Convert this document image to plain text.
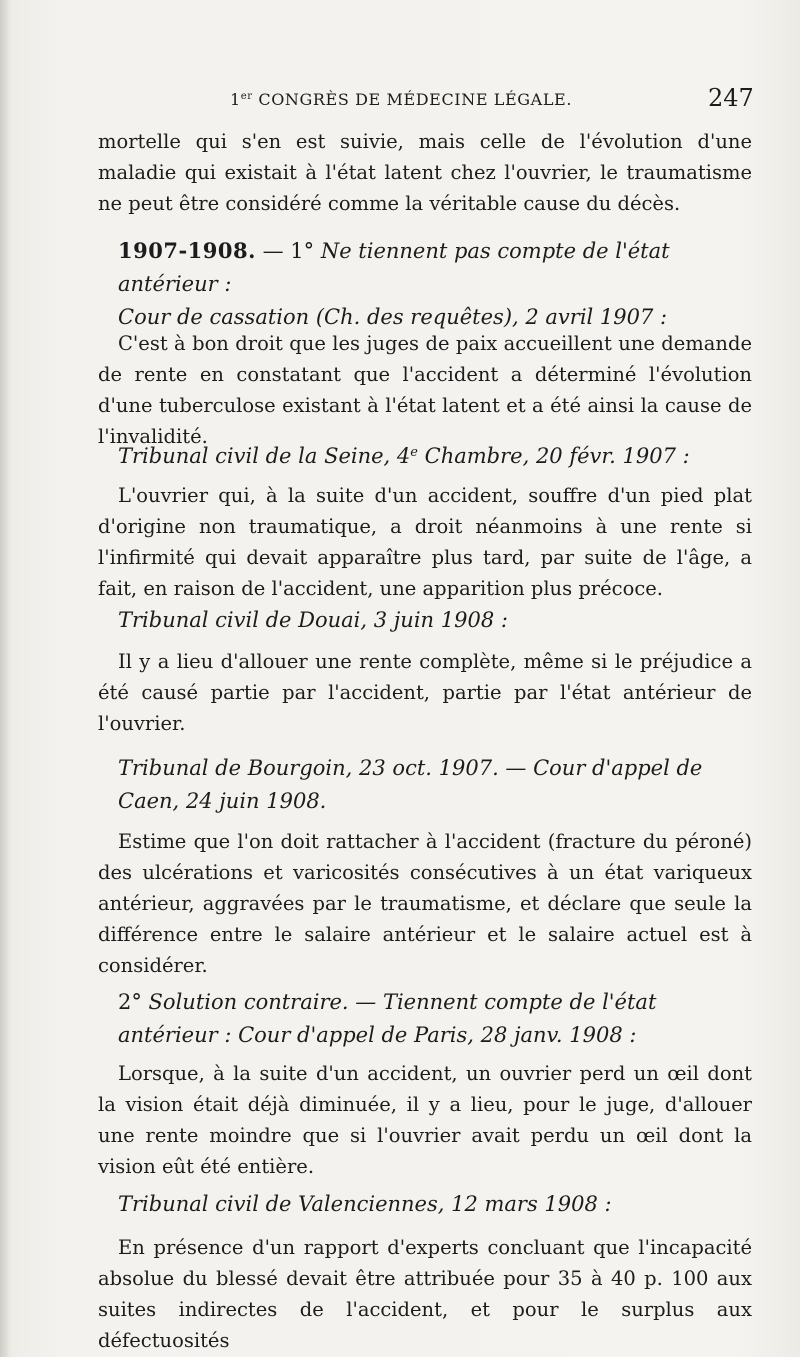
1er CONGRÈS DE MÉDECINE LÉGALE.	247
mortelle qui s'en est suivie, mais celle de l'évolution d'une maladie qui existait à l'état latent chez l'ouvrier, le traumatisme ne peut être considéré comme la véritable cause du décès.
1907-1908. — 1° Ne tiennent pas compte de l'état antérieur :
Cour de cassation (Ch. des requêtes), 2 avril 1907 :
C'est à bon droit que les juges de paix accueillent une demande de rente en constatant que l'accident a déterminé l'évolution d'une tuberculose existant à l'état latent et a été ainsi la cause de l'invalidité.
Tribunal civil de la Seine, 4e Chambre, 20 févr. 1907 :
L'ouvrier qui, à la suite d'un accident, souffre d'un pied plat d'origine non traumatique, a droit néanmoins à une rente si l'infirmité qui devait apparaître plus tard, par suite de l'âge, a fait, en raison de l'accident, une apparition plus précoce.
Tribunal civil de Douai, 3 juin 1908 :
Il y a lieu d'allouer une rente complète, même si le préjudice a été causé partie par l'accident, partie par l'état antérieur de l'ouvrier.
Tribunal de Bourgoin, 23 oct. 1907. — Cour d'appel de Caen, 24 juin 1908.
Estime que l'on doit rattacher à l'accident (fracture du péroné) des ulcérations et varicosités consécutives à un état variqueux antérieur, aggravées par le traumatisme, et déclare que seule la différence entre le salaire antérieur et le salaire actuel est à considérer.
2° Solution contraire. — Tiennent compte de l'état antérieur : Cour d'appel de Paris, 28 janv. 1908 :
Lorsque, à la suite d'un accident, un ouvrier perd un œil dont la vision était déjà diminuée, il y a lieu, pour le juge, d'allouer une rente moindre que si l'ouvrier avait perdu un œil dont la vision eût été entière.
Tribunal civil de Valenciennes, 12 mars 1908 :
En présence d'un rapport d'experts concluant que l'incapacité absolue du blessé devait être attribuée pour 35 à 40 p. 100 aux suites indirectes de l'accident, et pour le surplus aux défectuosités
